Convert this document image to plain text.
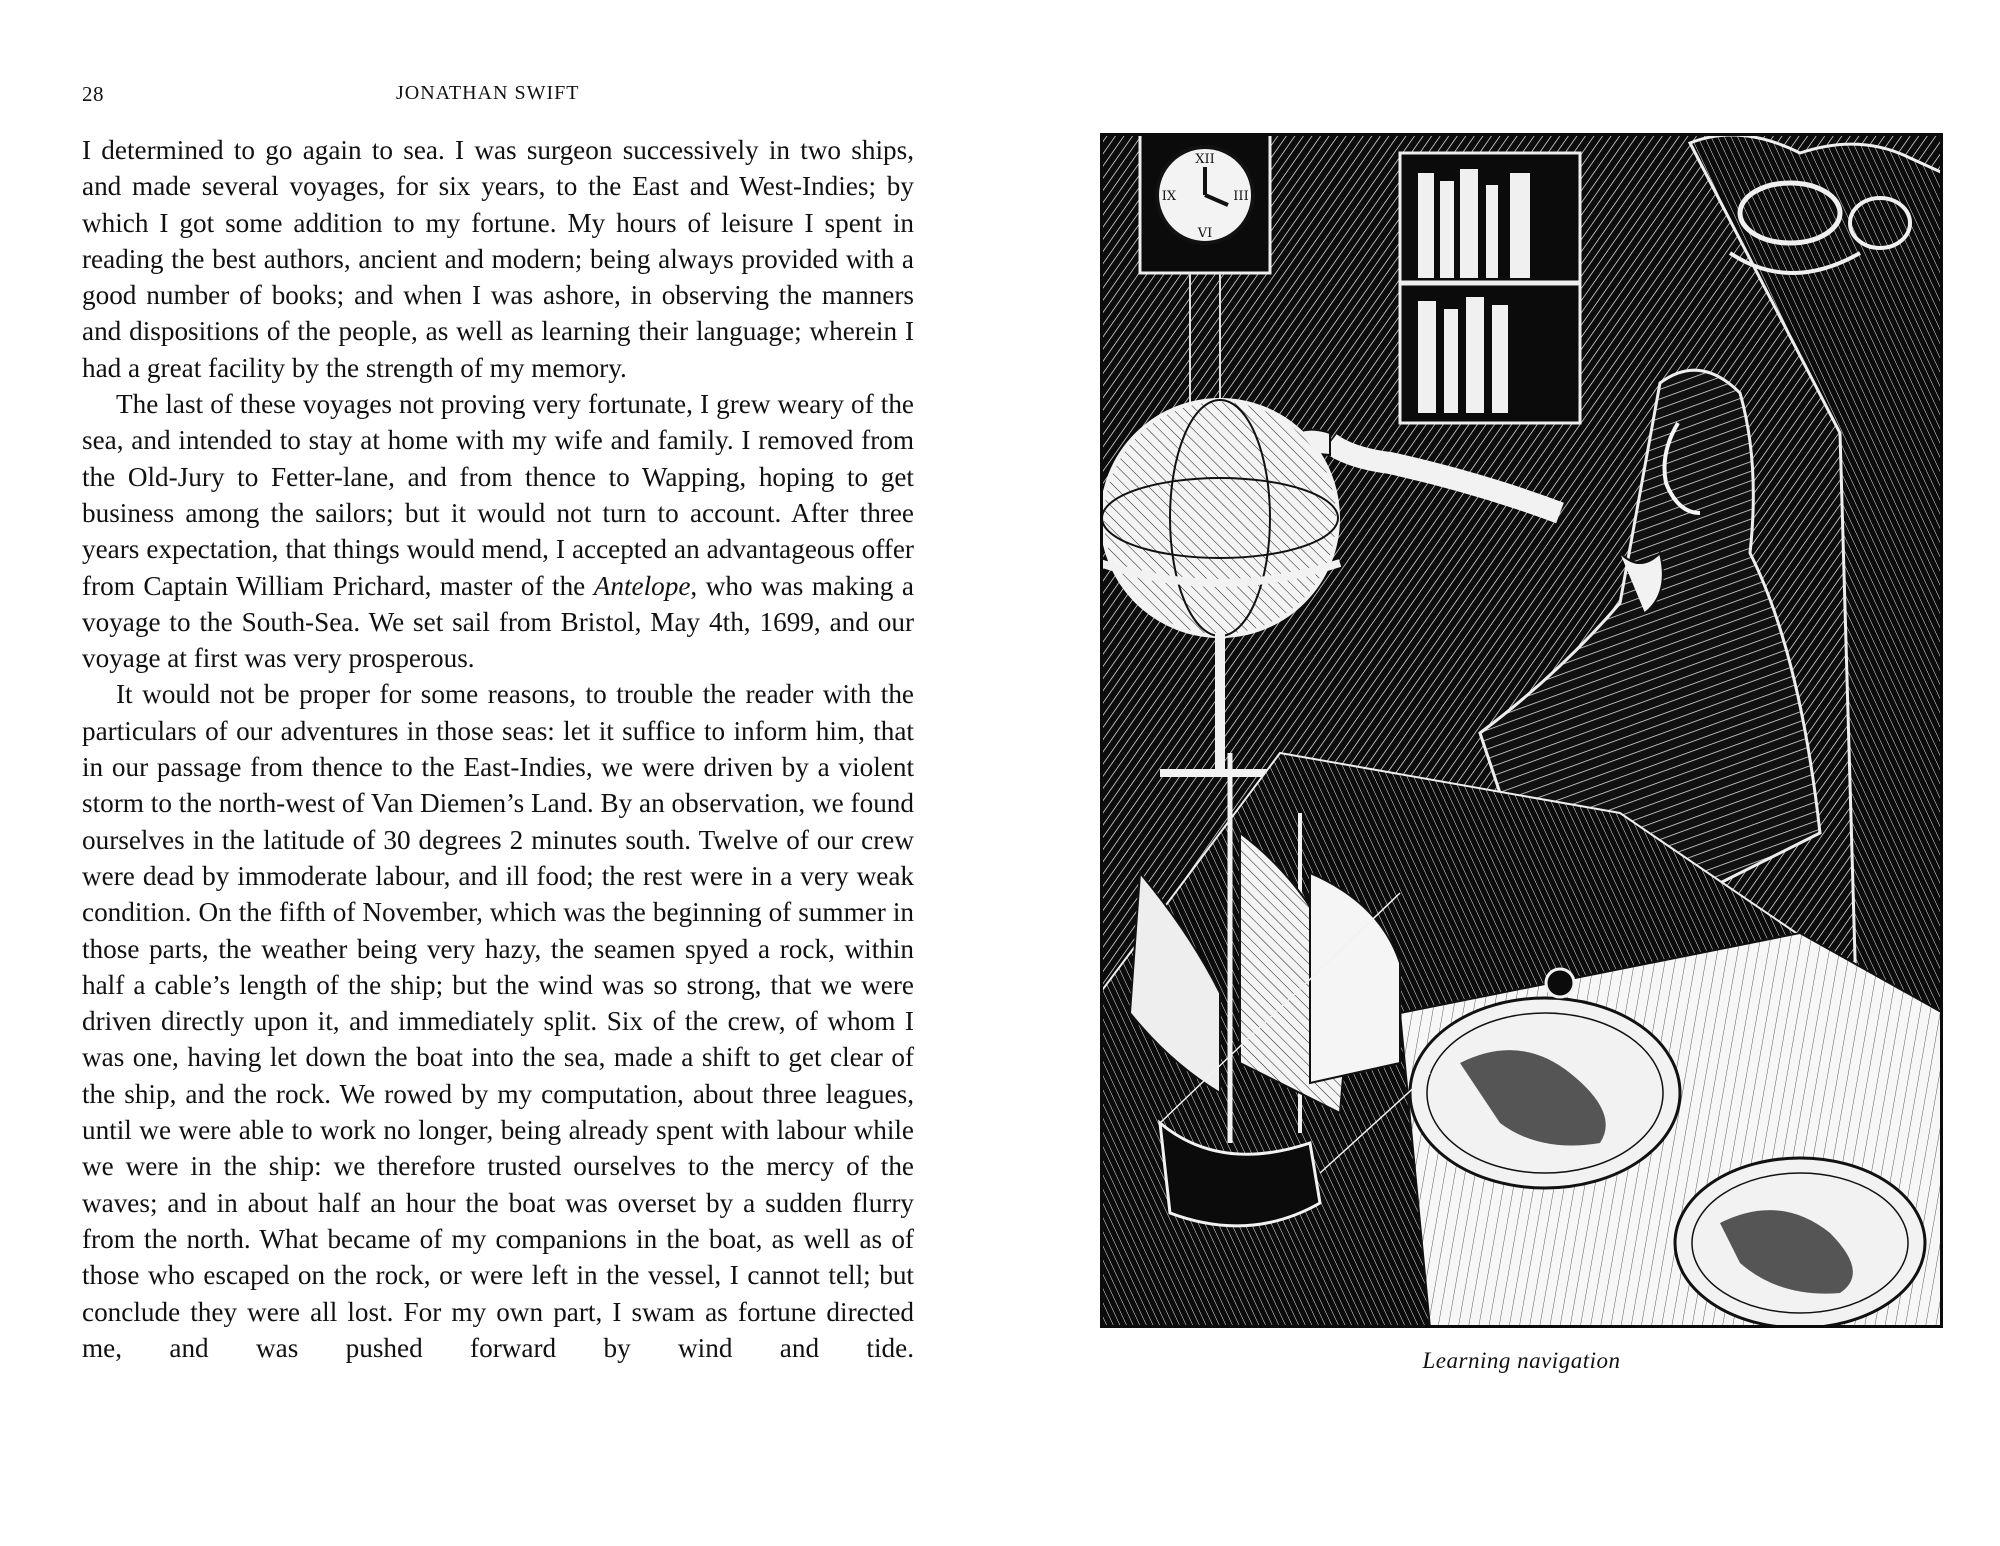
28	JONATHAN SWIFT

I determined to go again to sea. I was surgeon successively in two ships, and made several voyages, for six years, to the East and West-Indies; by which I got some addition to my fortune. My hours of leisure I spent in reading the best authors, ancient and modern; being always provided with a good number of books; and when I was ashore, in observing the manners and dispositions of the people, as well as learning their language; wherein I had a great facility by the strength of my memory.

The last of these voyages not proving very fortunate, I grew weary of the sea, and intended to stay at home with my wife and family. I removed from the Old-Jury to Fetter-lane, and from thence to Wapping, hoping to get business among the sailors; but it would not turn to account. After three years expectation, that things would mend, I accepted an advantageous offer from Captain William Prichard, master of the Antelope, who was making a voyage to the South-Sea. We set sail from Bristol, May 4th, 1699, and our voyage at first was very prosperous.

It would not be proper for some reasons, to trouble the reader with the particulars of our adventures in those seas: let it suffice to inform him, that in our passage from thence to the East-Indies, we were driven by a violent storm to the north-west of Van Diemen’s Land. By an observation, we found ourselves in the latitude of 30 degrees 2 minutes south. Twelve of our crew were dead by immoderate labour, and ill food; the rest were in a very weak condition. On the fifth of November, which was the beginning of summer in those parts, the weather being very hazy, the seamen spyed a rock, within half a cable’s length of the ship; but the wind was so strong, that we were driven directly upon it, and immediately split. Six of the crew, of whom I was one, having let down the boat into the sea, made a shift to get clear of the ship, and the rock. We rowed by my computation, about three leagues, until we were able to work no longer, being already spent with labour while we were in the ship: we therefore trusted ourselves to the mercy of the waves; and in about half an hour the boat was overset by a sudden flurry from the north. What became of my companions in the boat, as well as of those who escaped on the rock, or were left in the vessel, I cannot tell; but conclude they were all lost. For my own part, I swam as fortune directed me, and was pushed forward by wind and tide.

XII
III
VI
IX
Learning navigation
